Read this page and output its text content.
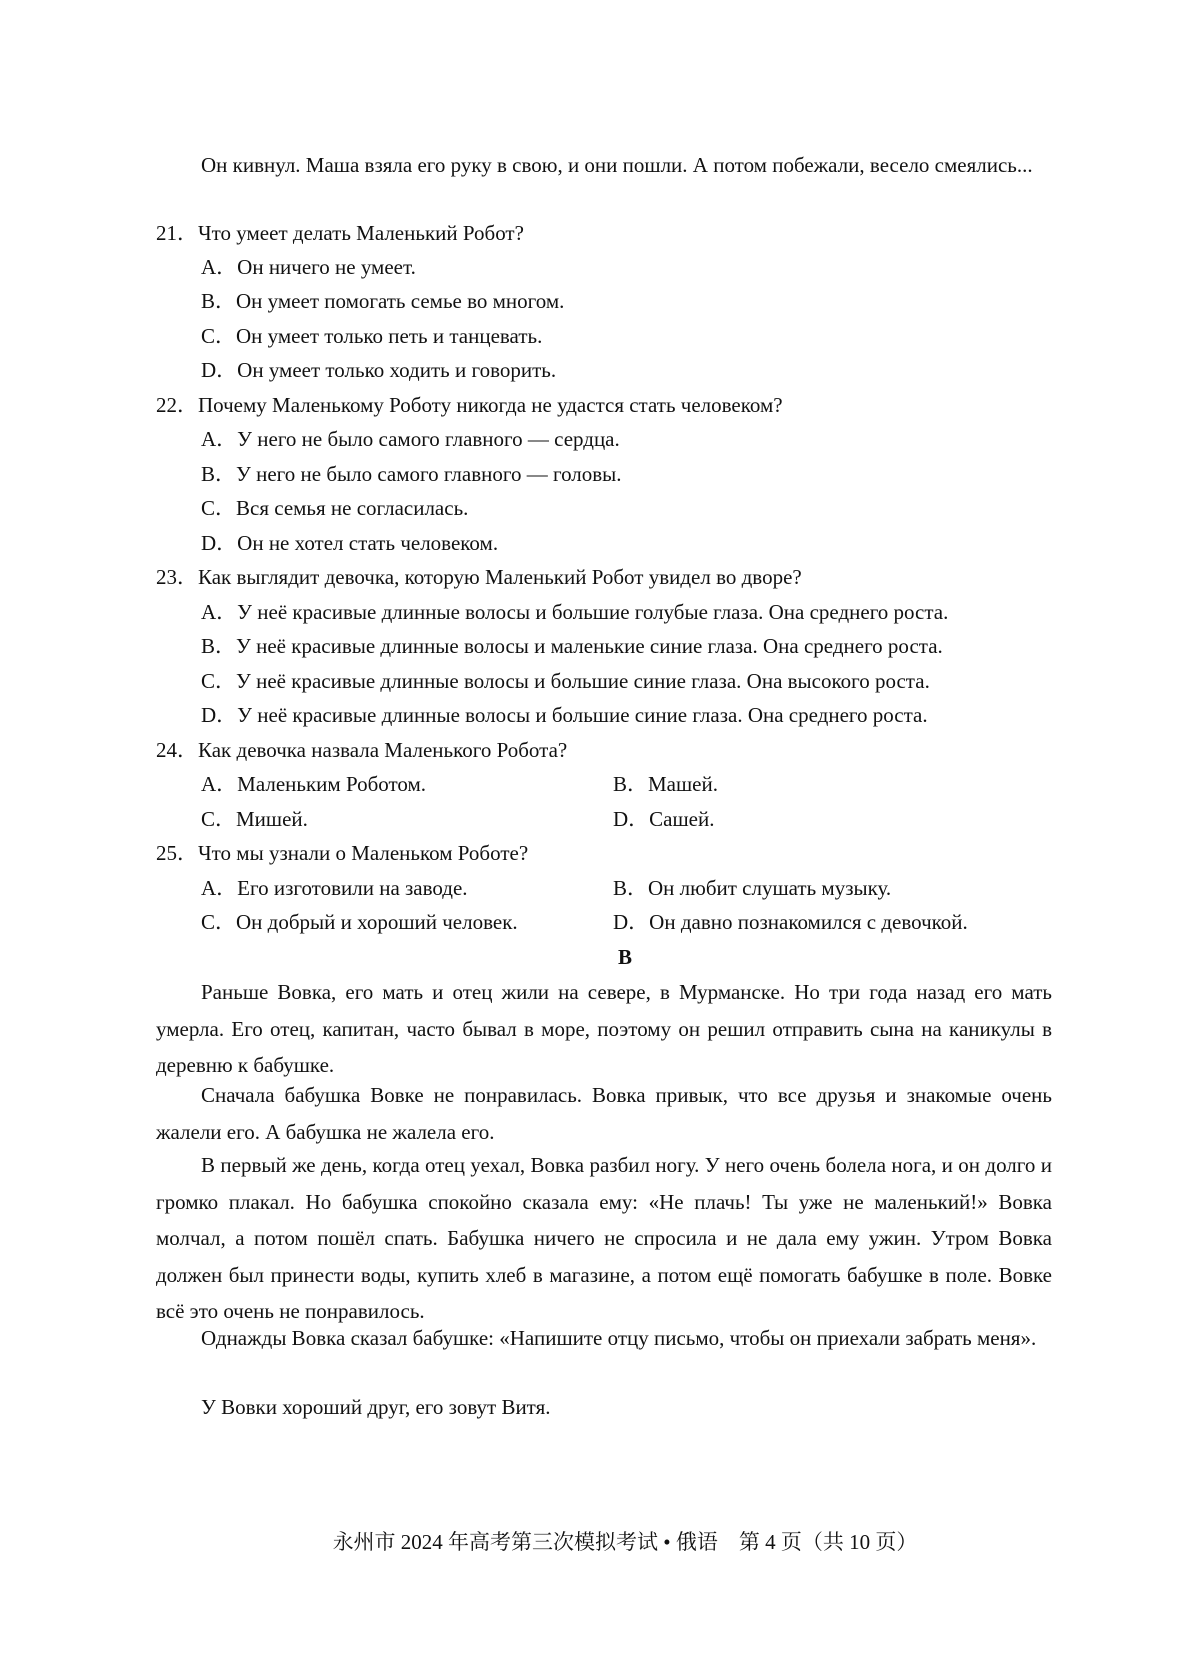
Он кивнул. Маша взяла его руку в свою, и они пошли. А потом побежали, весело смеялись...

21．Что умеет делать Маленький Робот?
A．Он ничего не умеет.
B．Он умеет помогать семье во многом.
C．Он умеет только петь и танцевать.
D．Он умеет только ходить и говорить.
22．Почему Маленькому Роботу никогда не удастся стать человеком?
A．У него не было самого главного — сердца.
B．У него не было самого главного — головы.
C．Вся семья не согласилась.
D．Он не хотел стать человеком.
23．Как выглядит девочка, которую Маленький Робот увидел во дворе?
A．У неё красивые длинные волосы и большие голубые глаза. Она среднего роста.
B．У неё красивые длинные волосы и маленькие синие глаза. Она среднего роста.
C．У неё красивые длинные волосы и большие синие глаза. Она высокого роста.
D．У неё красивые длинные волосы и большие синие глаза. Она среднего роста.
24．Как девочка назвала Маленького Робота?
A．Маленьким Роботом.	B．Машей.
C．Мишей.	D．Сашей.
25．Что мы узнали о Маленьком Роботе?
A．Его изготовили на заводе.	B．Он любит слушать музыку.
C．Он добрый и хороший человек.	D．Он давно познакомился с девочкой.
B

Раньше Вовка, его мать и отец жили на севере, в Мурманске. Но три года назад его мать умерла. Его отец, капитан, часто бывал в море, поэтому он решил отправить сына на каникулы в деревню к бабушке.

Сначала бабушка Вовке не понравилась. Вовка привык, что все друзья и знакомые очень жалели его. А бабушка не жалела его.

В первый же день, когда отец уехал, Вовка разбил ногу. У него очень болела нога, и он долго и громко плакал. Но бабушка спокойно сказала ему: «Не плачь! Ты уже не маленький!» Вовка молчал, а потом пошёл спать. Бабушка ничего не спросила и не дала ему ужин. Утром Вовка должен был принести воды, купить хлеб в магазине, а потом ещё помогать бабушке в поле. Вовке всё это очень не понравилось.

Однажды Вовка сказал бабушке: «Напишите отцу письмо, чтобы он приехали забрать меня».

У Вовки хороший друг, его зовут Витя.

永州市 2024 年高考第三次模拟考试 • 俄语　第 4 页（共 10 页）
